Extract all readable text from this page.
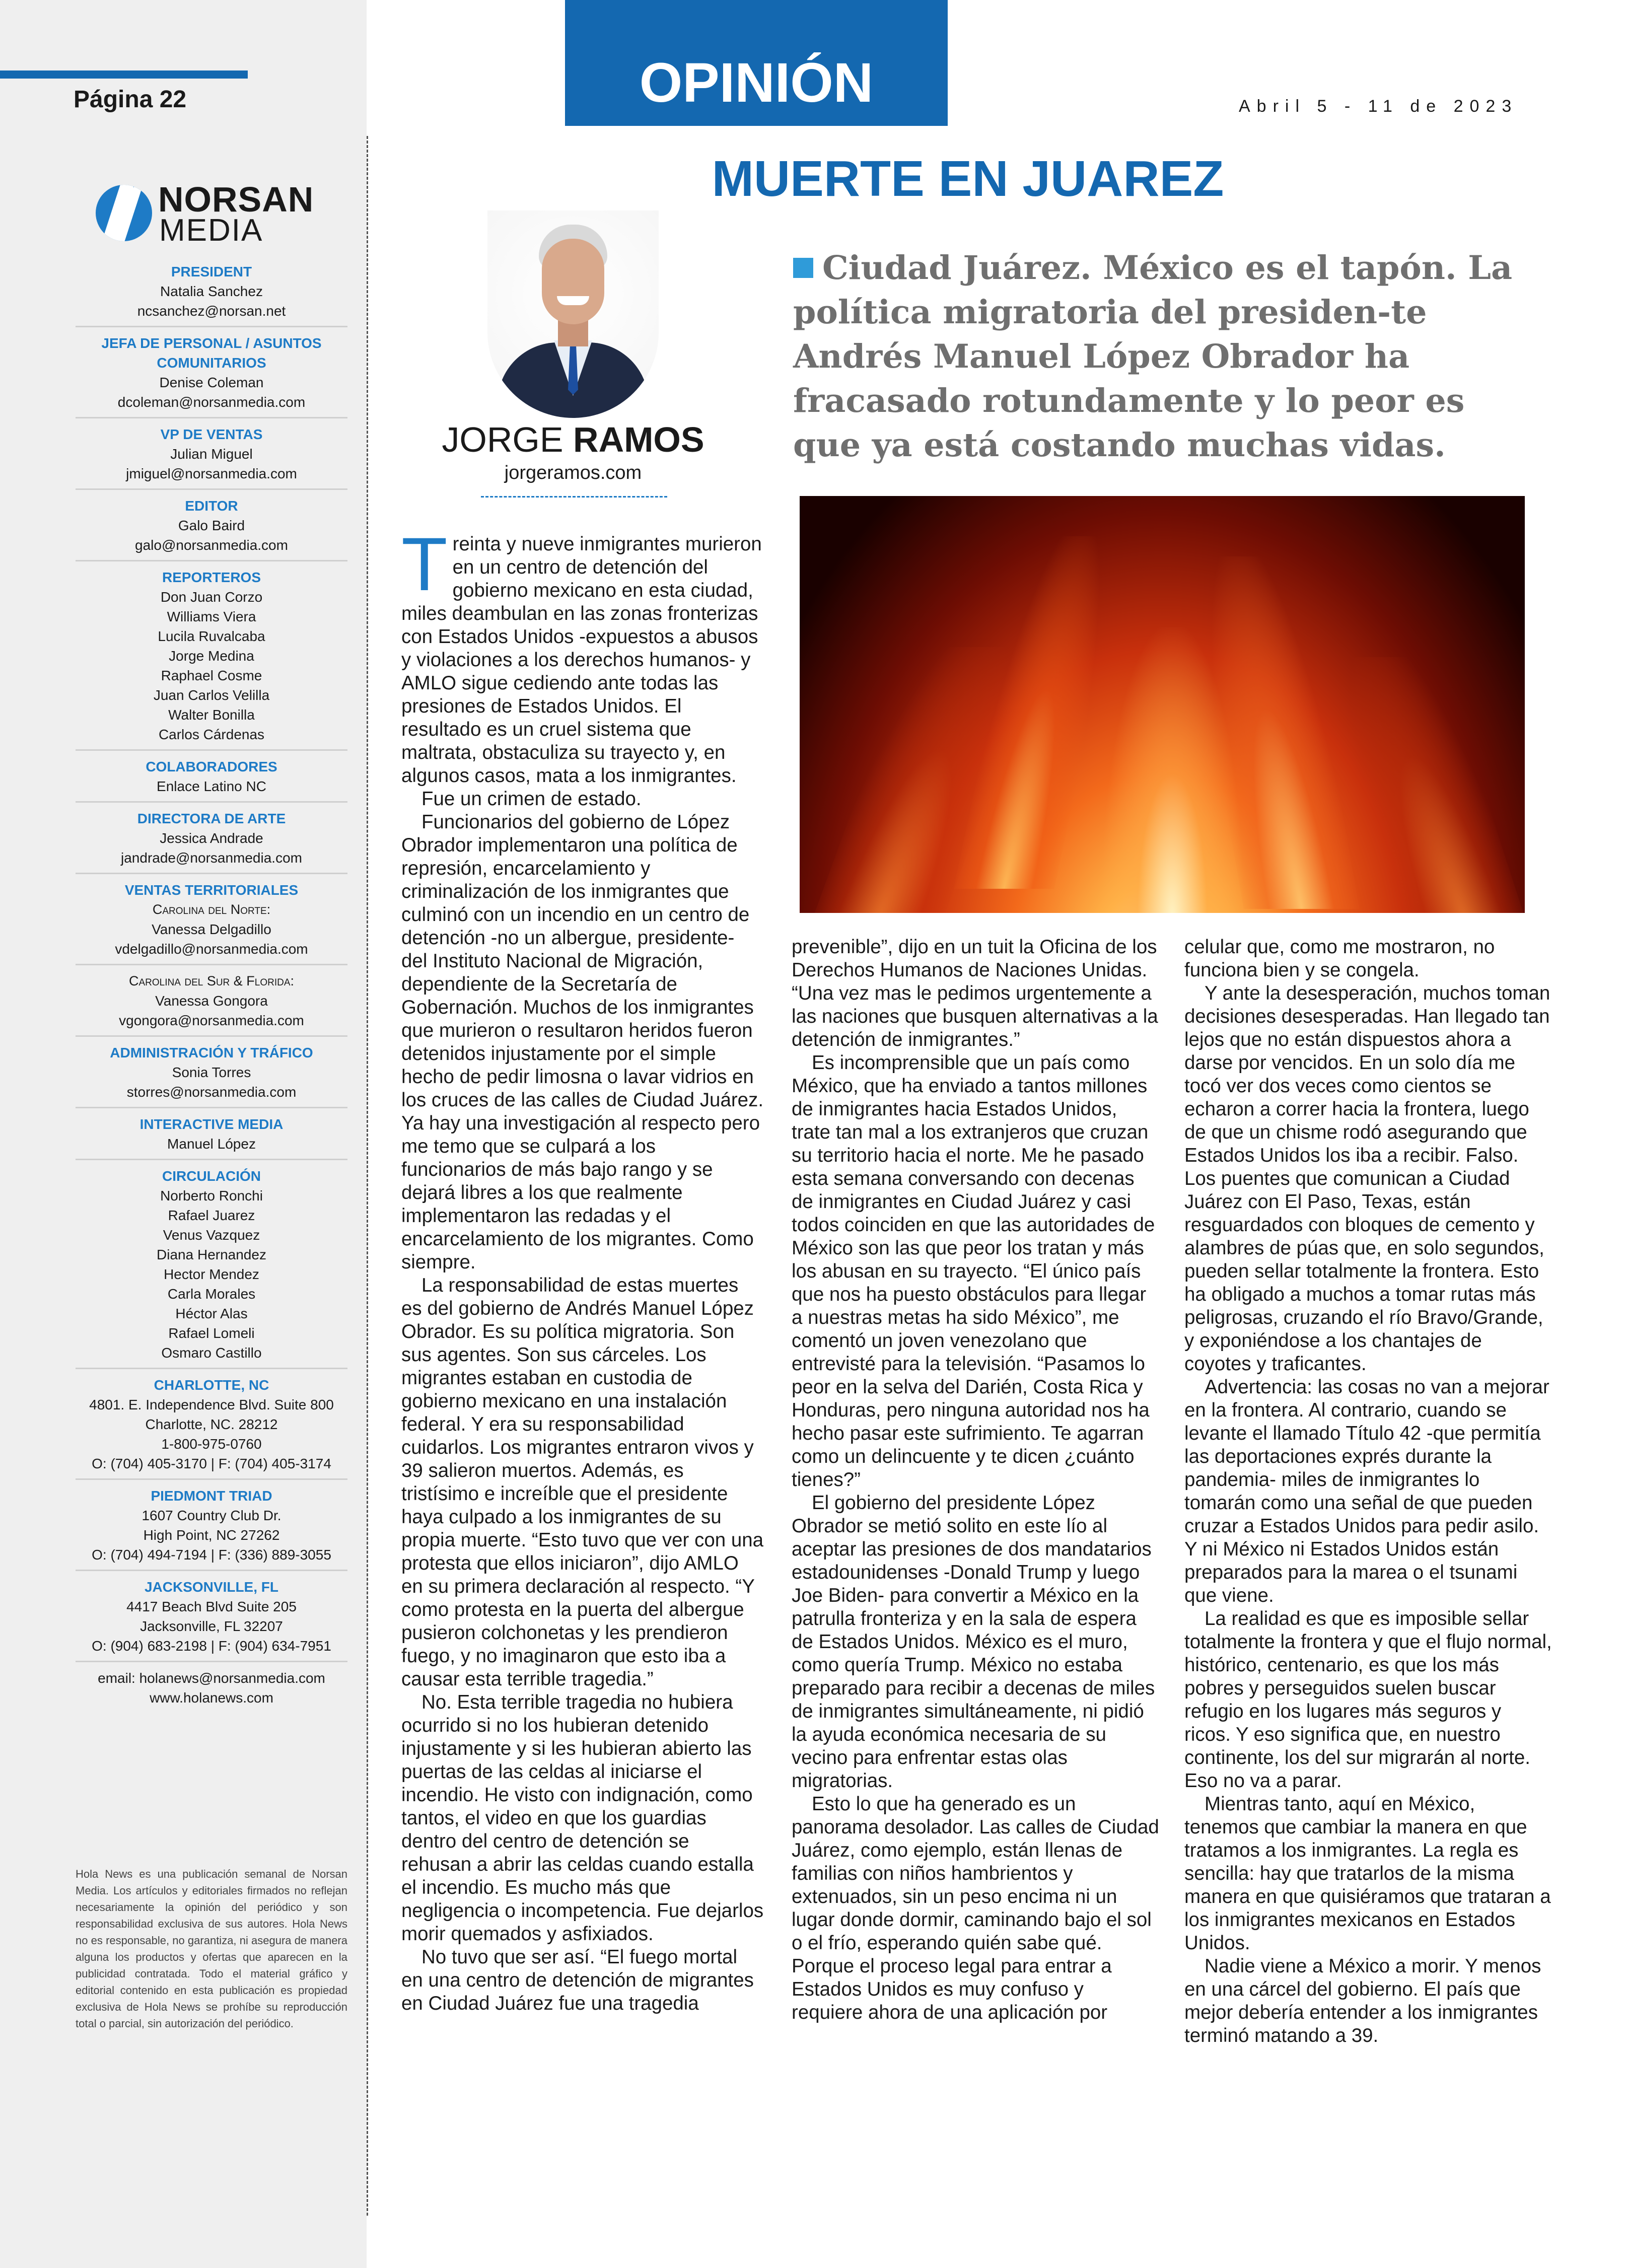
Página 22
NORSAN
MEDIA
PRESIDENT
Natalia Sanchez
ncsanchez@norsan.net
JEFA DE PERSONAL / ASUNTOS COMUNITARIOS
Denise Coleman
dcoleman@norsanmedia.com
VP DE VENTAS
Julian Miguel
jmiguel@norsanmedia.com
EDITOR
Galo Baird
galo@norsanmedia.com
REPORTEROS
Don Juan Corzo
Williams Viera
Lucila Ruvalcaba
Jorge Medina
Raphael Cosme
Juan Carlos Velilla
Walter Bonilla
Carlos Cárdenas
COLABORADORES
Enlace Latino NC
DIRECTORA DE ARTE
Jessica Andrade
jandrade@norsanmedia.com
VENTAS TERRITORIALES
Carolina del Norte:
Vanessa Delgadillo
vdelgadillo@norsanmedia.com
Carolina del Sur & Florida:
Vanessa Gongora
vgongora@norsanmedia.com
ADMINISTRACIÓN Y TRÁFICO
Sonia Torres
storres@norsanmedia.com
INTERACTIVE MEDIA
Manuel López
CIRCULACIÓN
Norberto Ronchi
Rafael Juarez
Venus Vazquez
Diana Hernandez
Hector Mendez
Carla Morales
Héctor Alas
Rafael Lomeli
Osmaro Castillo
CHARLOTTE, NC
4801. E. Independence Blvd. Suite 800
Charlotte, NC. 28212
1-800-975-0760
O: (704) 405-3170 | F: (704) 405-3174
PIEDMONT TRIAD
1607 Country Club Dr.
High Point, NC 27262
O: (704) 494-7194 | F: (336) 889-3055
JACKSONVILLE, FL
4417 Beach Blvd Suite 205
Jacksonville, FL 32207
O: (904) 683-2198 | F: (904) 634-7951
email: holanews@norsanmedia.com
www.holanews.com
Hola News es una publicación semanal de Norsan Media. Los artículos y editoriales firmados no reflejan necesariamente la opinión del periódico y son responsabilidad exclusiva de sus autores. Hola News no es responsable, no garantiza, ni asegura de manera alguna los productos y ofertas que aparecen en la publicidad contratada. Todo el material gráfico y editorial contenido en esta publicación es propiedad exclusiva de Hola News se prohíbe su reproducción total o parcial, sin autorización del periódico.
OPINIÓN	Abril 5 - 11 de 2023
MUERTE EN JUAREZ
JORGE RAMOS
jorgeramos.com
Ciudad Juárez. México es el tapón. La política migratoria del presiden-te Andrés Manuel López Obrador ha fracasado rotundamente y lo peor es que ya está costando muchas vidas.

Treinta y nueve inmigrantes murieron en un centro de detención del gobierno mexicano en esta ciudad, miles deambulan en las zonas fronterizas con Estados Unidos -expuestos a abusos y violaciones a los derechos humanos- y AMLO sigue cediendo ante todas las presiones de Estados Unidos. El resultado es un cruel sistema que maltrata, obstaculiza su trayecto y, en algunos casos, mata a los inmigrantes.

Fue un crimen de estado.

Funcionarios del gobierno de López Obrador implementaron una política de represión, encarcelamiento y criminalización de los inmigrantes que culminó con un incendio en un centro de detención -no un albergue, presidente- del Instituto Nacional de Migración, dependiente de la Secretaría de Gobernación. Muchos de los inmigrantes que murieron o resultaron heridos fueron detenidos injustamente por el simple hecho de pedir limosna o lavar vidrios en los cruces de las calles de Ciudad Juárez. Ya hay una investigación al respecto pero me temo que se culpará a los funcionarios de más bajo rango y se dejará libres a los que realmente implementaron las redadas y el encarcelamiento de los migrantes. Como siempre.

La responsabilidad de estas muertes es del gobierno de Andrés Manuel López Obrador. Es su política migratoria. Son sus agentes. Son sus cárceles. Los migrantes estaban en custodia de gobierno mexicano en una instalación federal. Y era su responsabilidad cuidarlos. Los migrantes entraron vivos y 39 salieron muertos. Además, es tristísimo e increíble que el presidente haya culpado a los inmigrantes de su propia muerte. “Esto tuvo que ver con una protesta que ellos iniciaron”, dijo AMLO en su primera declaración al respecto. “Y como protesta en la puerta del albergue pusieron colchonetas y les prendieron fuego, y no imaginaron que esto iba a causar esta terrible tragedia.”

No. Esta terrible tragedia no hubiera ocurrido si no los hubieran detenido injustamente y si les hubieran abierto las puertas de las celdas al iniciarse el incendio. He visto con indignación, como tantos, el video en que los guardias dentro del centro de detención se rehusan a abrir las celdas cuando estalla el incendio. Es mucho más que negligencia o incompetencia. Fue dejarlos morir quemados y asfixiados.

No tuvo que ser así. “El fuego mortal en una centro de detención de migrantes en Ciudad Juárez fue una tragedia

prevenible”, dijo en un tuit la Oficina de los Derechos Humanos de Naciones Unidas. “Una vez mas le pedimos urgentemente a las naciones que busquen alternativas a la detención de inmigrantes.”

Es incomprensible que un país como México, que ha enviado a tantos millones de inmigrantes hacia Estados Unidos, trate tan mal a los extranjeros que cruzan su territorio hacia el norte. Me he pasado esta semana conversando con decenas de inmigrantes en Ciudad Juárez y casi todos coinciden en que las autoridades de México son las que peor los tratan y más los abusan en su trayecto. “El único país que nos ha puesto obstáculos para llegar a nuestras metas ha sido México”, me comentó un joven venezolano que entrevisté para la televisión. “Pasamos lo peor en la selva del Darién, Costa Rica y Honduras, pero ninguna autoridad nos ha hecho pasar este sufrimiento. Te agarran como un delincuente y te dicen ¿cuánto tienes?”

El gobierno del presidente López Obrador se metió solito en este lío al aceptar las presiones de dos mandatarios estadounidenses -Donald Trump y luego Joe Biden- para convertir a México en la patrulla fronteriza y en la sala de espera de Estados Unidos. México es el muro, como quería Trump. México no estaba preparado para recibir a decenas de miles de inmigrantes simultáneamente, ni pidió la ayuda económica necesaria de su vecino para enfrentar estas olas migratorias.

Esto lo que ha generado es un panorama desolador. Las calles de Ciudad Juárez, como ejemplo, están llenas de familias con niños hambrientos y extenuados, sin un peso encima ni un lugar donde dormir, caminando bajo el sol o el frío, esperando quién sabe qué. Porque el proceso legal para entrar a Estados Unidos es muy confuso y requiere ahora de una aplicación por

celular que, como me mostraron, no funciona bien y se congela.

Y ante la desesperación, muchos toman decisiones desesperadas. Han llegado tan lejos que no están dispuestos ahora a darse por vencidos. En un solo día me tocó ver dos veces como cientos se echaron a correr hacia la frontera, luego de que un chisme rodó asegurando que Estados Unidos los iba a recibir. Falso. Los puentes que comunican a Ciudad Juárez con El Paso, Texas, están resguardados con bloques de cemento y alambres de púas que, en solo segundos, pueden sellar totalmente la frontera. Esto ha obligado a muchos a tomar rutas más peligrosas, cruzando el río Bravo/Grande, y exponiéndose a los chantajes de coyotes y traficantes.

Advertencia: las cosas no van a mejorar en la frontera. Al contrario, cuando se levante el llamado Título 42 -que permitía las deportaciones exprés durante la pandemia- miles de inmigrantes lo tomarán como una señal de que pueden cruzar a Estados Unidos para pedir asilo. Y ni México ni Estados Unidos están preparados para la marea o el tsunami que viene.

La realidad es que es imposible sellar totalmente la frontera y que el flujo normal, histórico, centenario, es que los más pobres y perseguidos suelen buscar refugio en los lugares más seguros y ricos. Y eso significa que, en nuestro continente, los del sur migrarán al norte. Eso no va a parar.

Mientras tanto, aquí en México, tenemos que cambiar la manera en que tratamos a los inmigrantes. La regla es sencilla: hay que tratarlos de la misma manera en que quisiéramos que trataran a los inmigrantes mexicanos en Estados Unidos.

Nadie viene a México a morir. Y menos en una cárcel del gobierno. El país que mejor debería entender a los inmigrantes terminó matando a 39.
